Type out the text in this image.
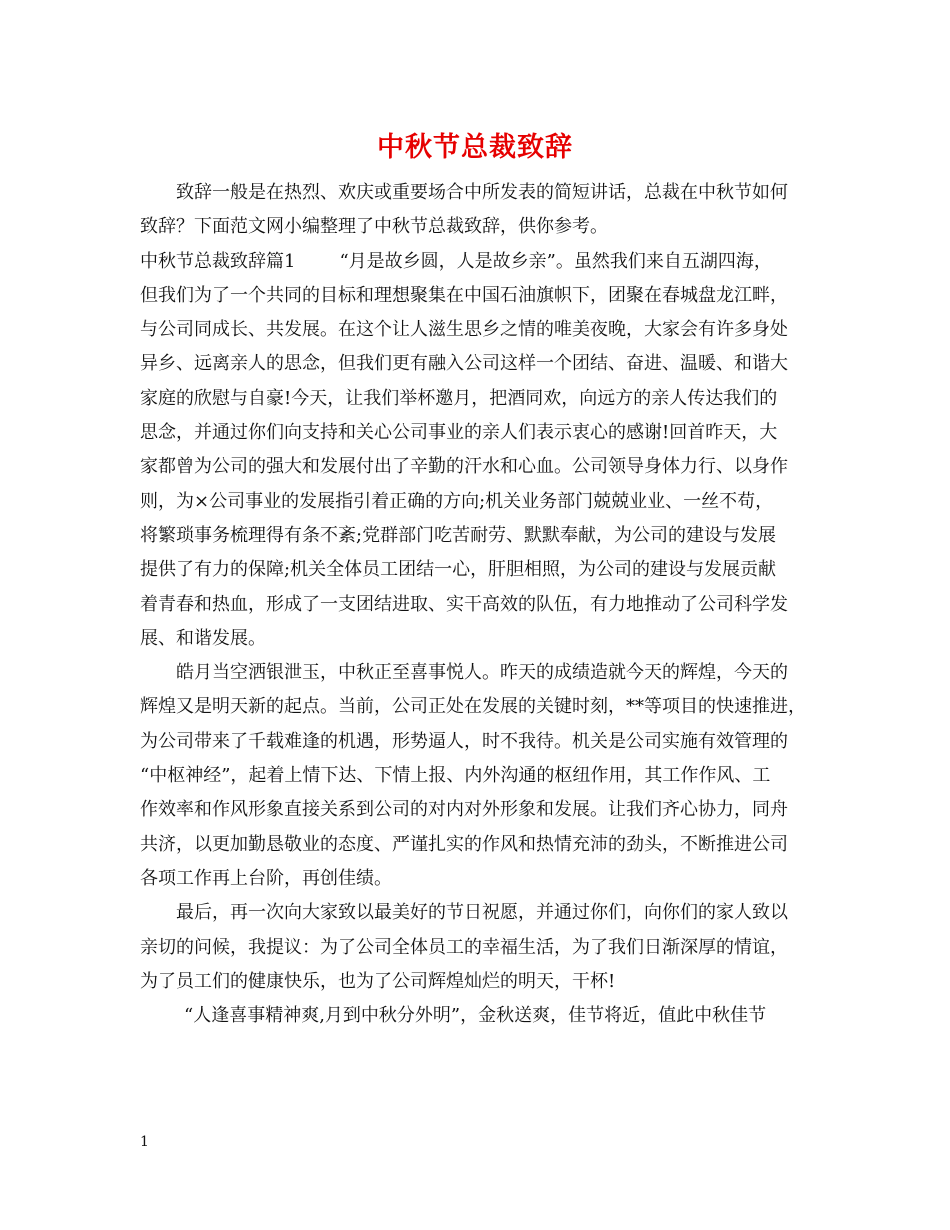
中秋节总裁致辞
致辞一般是在热烈、欢庆或重要场合中所发表的简短讲话，总裁在中秋节如何
致辞？下面范文网小编整理了中秋节总裁致辞，供你参考。
中秋节总裁致辞篇1 “月是故乡圆，人是故乡亲”。虽然我们来自五湖四海，
但我们为了一个共同的目标和理想聚集在中国石油旗帜下，团聚在春城盘龙江畔，
与公司同成长、共发展。在这个让人滋生思乡之情的唯美夜晚，大家会有许多身处
异乡、远离亲人的思念，但我们更有融入公司这样一个团结、奋进、温暖、和谐大
家庭的欣慰与自豪!今天，让我们举杯邀月，把酒同欢，向远方的亲人传达我们的
思念，并通过你们向支持和关心公司事业的亲人们表示衷心的感谢!回首昨天，大
家都曾为公司的强大和发展付出了辛勤的汗水和心血。公司领导身体力行、以身作
则，为×公司事业的发展指引着正确的方向;机关业务部门兢兢业业、一丝不苟，
将繁琐事务梳理得有条不紊;党群部门吃苦耐劳、默默奉献，为公司的建设与发展
提供了有力的保障;机关全体员工团结一心，肝胆相照，为公司的建设与发展贡献
着青春和热血，形成了一支团结进取、实干高效的队伍，有力地推动了公司科学发
展、和谐发展。
皓月当空洒银泄玉，中秋正至喜事悦人。昨天的成绩造就今天的辉煌，今天的
辉煌又是明天新的起点。当前，公司正处在发展的关键时刻，**等项目的快速推进，
为公司带来了千载难逢的机遇，形势逼人，时不我待。机关是公司实施有效管理的
“中枢神经”，起着上情下达、下情上报、内外沟通的枢纽作用，其工作作风、工
作效率和作风形象直接关系到公司的对内对外形象和发展。让我们齐心协力，同舟
共济，以更加勤恳敬业的态度、严谨扎实的作风和热情充沛的劲头，不断推进公司
各项工作再上台阶，再创佳绩。
最后，再一次向大家致以最美好的节日祝愿，并通过你们，向你们的家人致以
亲切的问候，我提议：为了公司全体员工的幸福生活，为了我们日渐深厚的情谊，
为了员工们的健康快乐，也为了公司辉煌灿烂的明天，干杯!
“人逢喜事精神爽,月到中秋分外明”，金秋送爽，佳节将近，值此中秋佳节
1
